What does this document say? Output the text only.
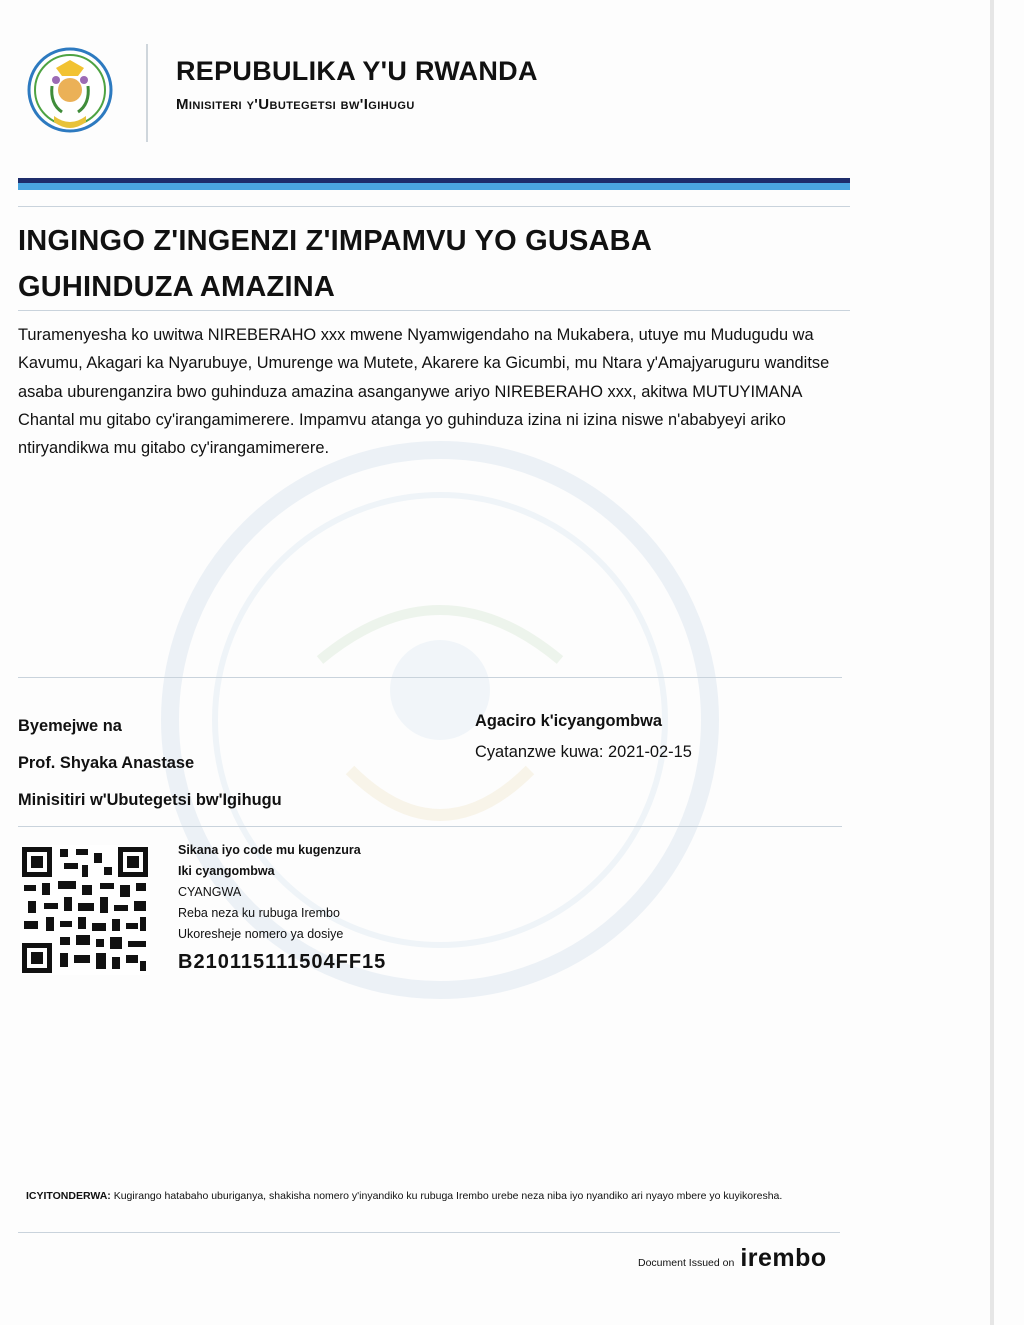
REPUBULIKA Y'U RWANDA
Minisiteri y'Ubutegetsi bw'Igihugu
INGINGO Z'INGENZI Z'IMPAMVU YO GUSABA
GUHINDUZA AMAZINA
Turamenyesha ko uwitwa NIREBERAHO xxx mwene Nyamwigendaho na Mukabera, utuye mu Mudugudu wa Kavumu, Akagari ka Nyarubuye, Umurenge wa Mutete, Akarere ka Gicumbi, mu Ntara y'Amajyaruguru wanditse asaba uburenganzira bwo guhinduza amazina asanganywe ariyo NIREBERAHO xxx, akitwa MUTUYIMANA Chantal mu gitabo cy'irangamimerere. Impamvu atanga yo guhinduza izina ni izina niswe n'ababyeyi ariko ntiryandikwa mu gitabo cy'irangamimerere.
Byemejwe na
Prof. Shyaka Anastase
Minisitiri w'Ubutegetsi bw'Igihugu
Agaciro k'icyangombwa
Cyatanzwe kuwa: 2021-02-15
Sikana iyo code mu kugenzura
Iki cyangombwa
CYANGWA
Reba neza ku rubuga Irembo
Ukoresheje nomero ya dosiye
B210115111504FF15
ICYITONDERWA: Kugirango hatabaho uburiganya, shakisha nomero y'inyandiko ku rubuga Irembo urebe neza niba iyo nyandiko ari nyayo mbere yo kuyikoresha.
Document Issued on irembo
